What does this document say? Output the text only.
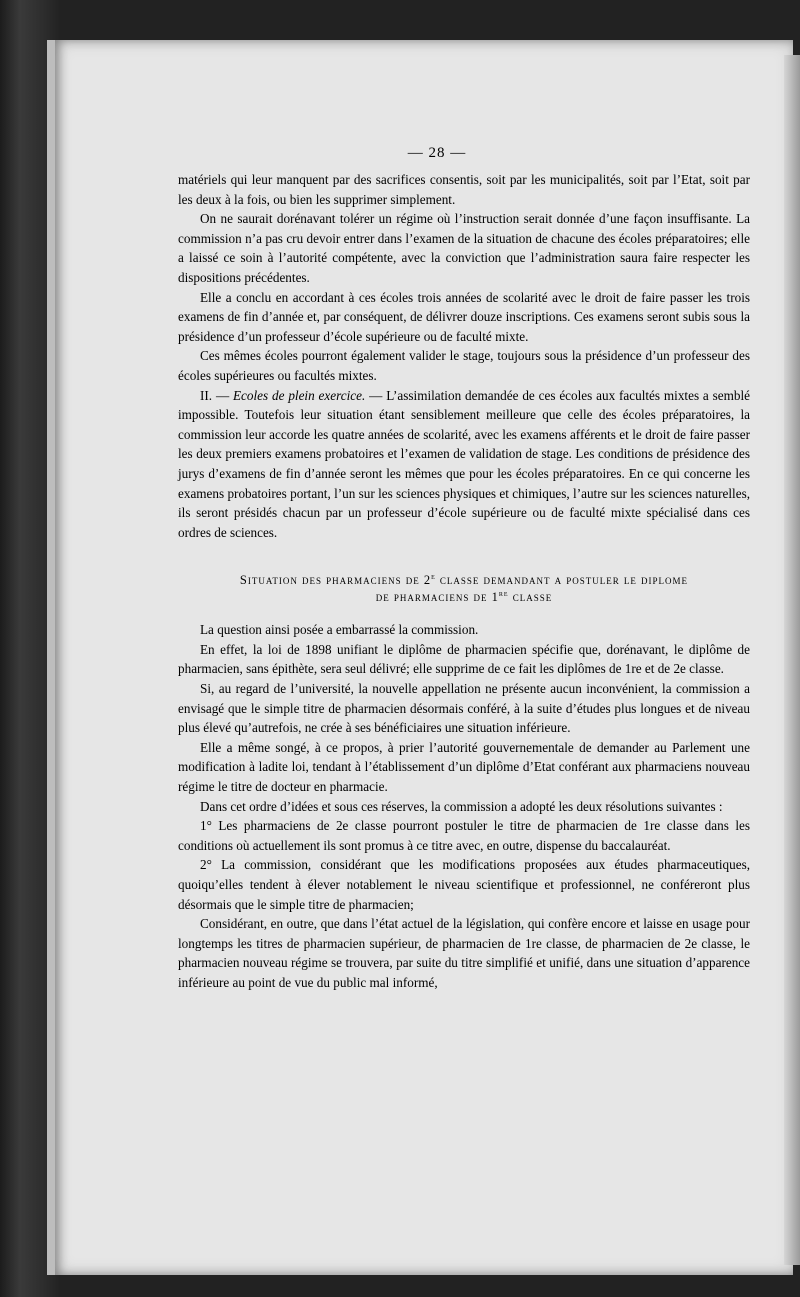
— 28 —

matériels qui leur manquent par des sacrifices consentis, soit par les municipalités, soit par l’Etat, soit par les deux à la fois, ou bien les supprimer simplement.

On ne saurait dorénavant tolérer un régime où l’instruction serait donnée d’une façon insuffisante. La commission n’a pas cru devoir entrer dans l’examen de la situation de chacune des écoles préparatoires; elle a laissé ce soin à l’autorité compétente, avec la conviction que l’administration saura faire respecter les dispositions précédentes.

Elle a conclu en accordant à ces écoles trois années de scolarité avec le droit de faire passer les trois examens de fin d’année et, par conséquent, de délivrer douze inscriptions. Ces examens seront subis sous la présidence d’un professeur d’école supérieure ou de faculté mixte.

Ces mêmes écoles pourront également valider le stage, toujours sous la présidence d’un professeur des écoles supérieures ou facultés mixtes.

II. — Ecoles de plein exercice. — L’assimilation demandée de ces écoles aux facultés mixtes a semblé impossible. Toutefois leur situation étant sensiblement meilleure que celle des écoles préparatoires, la commission leur accorde les quatre années de scolarité, avec les examens afférents et le droit de faire passer les deux premiers examens probatoires et l’examen de validation de stage. Les conditions de présidence des jurys d’examens de fin d’année seront les mêmes que pour les écoles préparatoires. En ce qui concerne les examens probatoires portant, l’un sur les sciences physiques et chimiques, l’autre sur les sciences naturelles, ils seront présidés chacun par un professeur d’école supérieure ou de faculté mixte spécialisé dans ces ordres de sciences.

Situation des pharmaciens de 2e classe demandant a postuler le diplome
de pharmaciens de 1re classe

La question ainsi posée a embarrassé la commission.

En effet, la loi de 1898 unifiant le diplôme de pharmacien spécifie que, dorénavant, le diplôme de pharmacien, sans épithète, sera seul délivré; elle supprime de ce fait les diplômes de 1re et de 2e classe.

Si, au regard de l’université, la nouvelle appellation ne présente aucun inconvénient, la commission a envisagé que le simple titre de pharmacien désormais conféré, à la suite d’études plus longues et de niveau plus élevé qu’autrefois, ne crée à ses bénéficiaires une situation inférieure.

Elle a même songé, à ce propos, à prier l’autorité gouvernementale de demander au Parlement une modification à ladite loi, tendant à l’établissement d’un diplôme d’Etat conférant aux pharmaciens nouveau régime le titre de docteur en pharmacie.

Dans cet ordre d’idées et sous ces réserves, la commission a adopté les deux résolutions suivantes :

1° Les pharmaciens de 2e classe pourront postuler le titre de pharmacien de 1re classe dans les conditions où actuellement ils sont promus à ce titre avec, en outre, dispense du baccalauréat.

2° La commission, considérant que les modifications proposées aux études pharmaceutiques, quoiqu’elles tendent à élever notablement le niveau scientifique et professionnel, ne conféreront plus désormais que le simple titre de pharmacien;

Considérant, en outre, que dans l’état actuel de la législation, qui confère encore et laisse en usage pour longtemps les titres de pharmacien supérieur, de pharmacien de 1re classe, de pharmacien de 2e classe, le pharmacien nouveau régime se trouvera, par suite du titre simplifié et unifié, dans une situation d’apparence inférieure au point de vue du public mal informé,
